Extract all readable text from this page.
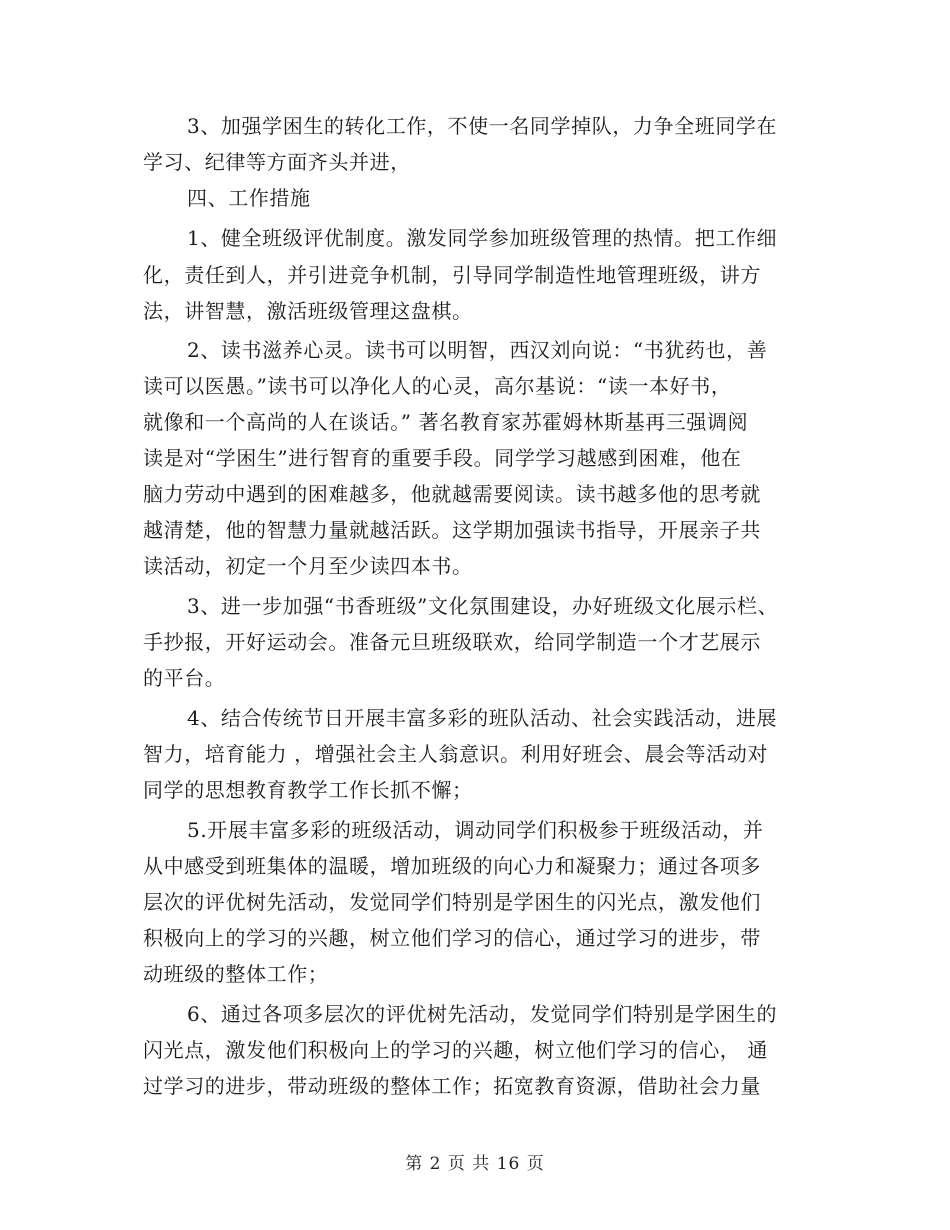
3、加强学困生的转化工作，不使一名同学掉队，力争全班同学在
学习、纪律等方面齐头并进，
四、工作措施
1、健全班级评优制度。激发同学参加班级管理的热情。把工作细
化，责任到人，并引进竞争机制，引导同学制造性地管理班级，讲方
法，讲智慧，激活班级管理这盘棋。
2、读书滋养心灵。读书可以明智，西汉刘向说：“书犹药也，善
读可以医愚。”读书可以净化人的心灵，高尔基说：“读一本好书，
就像和一个高尚的人在谈话。” 著名教育家苏霍姆林斯基再三强调阅
读是对“学困生”进行智育的重要手段。同学学习越感到困难，他在
脑力劳动中遇到的困难越多，他就越需要阅读。读书越多他的思考就
越清楚，他的智慧力量就越活跃。这学期加强读书指导，开展亲子共
读活动，初定一个月至少读四本书。
3、进一步加强“书香班级”文化氛围建设，办好班级文化展示栏、
手抄报，开好运动会。准备元旦班级联欢，给同学制造一个才艺展示
的平台。
4、结合传统节日开展丰富多彩的班队活动、社会实践活动，进展
智力，培育能力 ，增强社会主人翁意识。利用好班会、晨会等活动对
同学的思想教育教学工作长抓不懈；
5.开展丰富多彩的班级活动，调动同学们积极参于班级活动，并
从中感受到班集体的温暖，增加班级的向心力和凝聚力；通过各项多
层次的评优树先活动，发觉同学们特别是学困生的闪光点，激发他们
积极向上的学习的兴趣，树立他们学习的信心，通过学习的进步，带
动班级的整体工作；
6、通过各项多层次的评优树先活动，发觉同学们特别是学困生的
闪光点，激发他们积极向上的学习的兴趣，树立他们学习的信心， 通
过学习的进步，带动班级的整体工作；拓宽教育资源，借助社会力量
第 2 页 共 16 页
